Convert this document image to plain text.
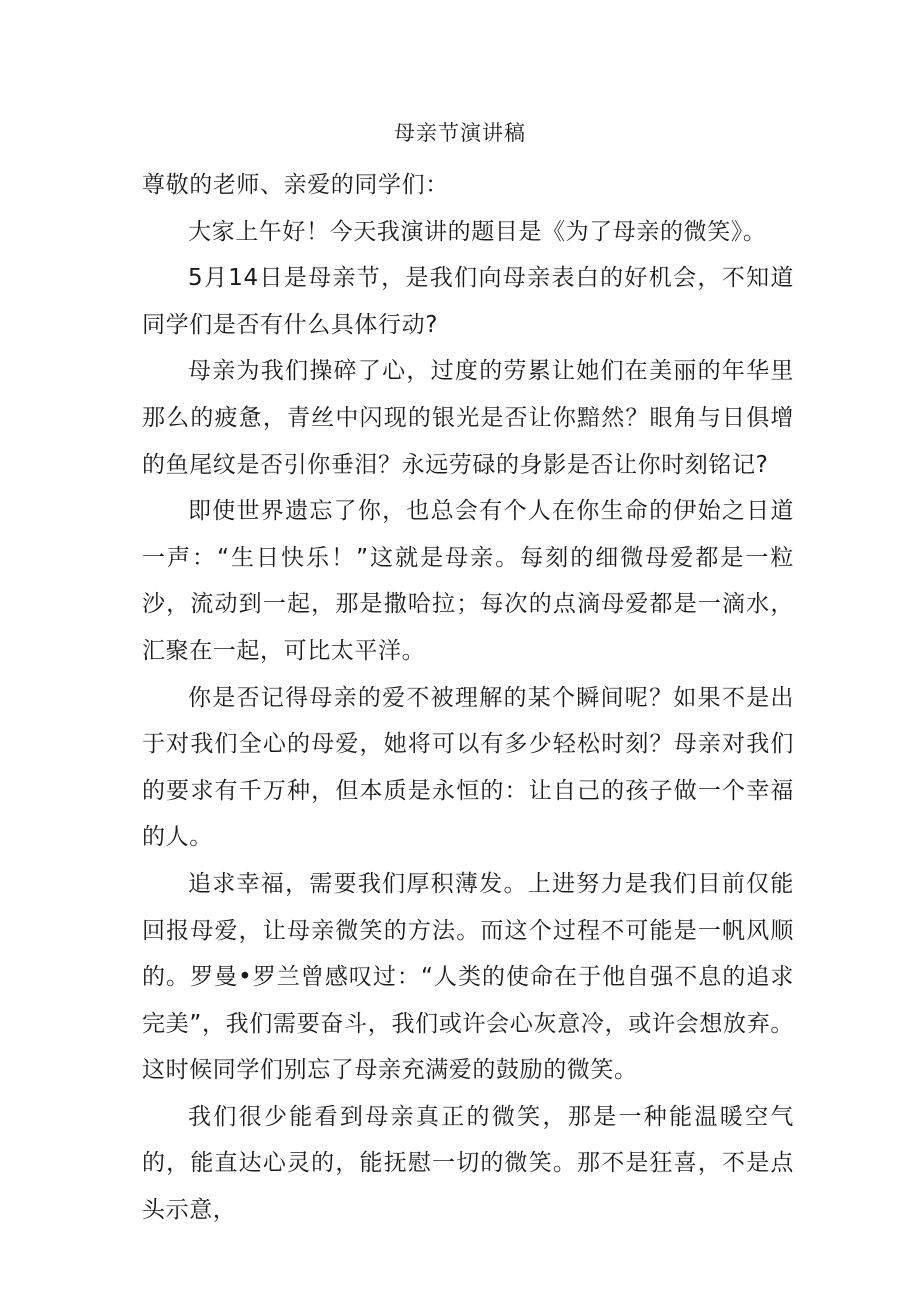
母亲节演讲稿

尊敬的老师、亲爱的同学们：

大家上午好！今天我演讲的题目是《为了母亲的微笑》。

5月14日是母亲节，是我们向母亲表白的好机会，不知道同学们是否有什么具体行动?

母亲为我们操碎了心，过度的劳累让她们在美丽的年华里那么的疲惫，青丝中闪现的银光是否让你黯然？眼角与日俱增的鱼尾纹是否引你垂泪？永远劳碌的身影是否让你时刻铭记?

即使世界遗忘了你，也总会有个人在你生命的伊始之日道一声：“生日快乐！”这就是母亲。每刻的细微母爱都是一粒沙，流动到一起，那是撒哈拉；每次的点滴母爱都是一滴水，汇聚在一起，可比太平洋。

你是否记得母亲的爱不被理解的某个瞬间呢？如果不是出于对我们全心的母爱，她将可以有多少轻松时刻？母亲对我们的要求有千万种，但本质是永恒的：让自己的孩子做一个幸福的人。

追求幸福，需要我们厚积薄发。上进努力是我们目前仅能回报母爱，让母亲微笑的方法。而这个过程不可能是一帆风顺的。罗曼•罗兰曾感叹过：“人类的使命在于他自强不息的追求完美”，我们需要奋斗，我们或许会心灰意冷，或许会想放弃。这时候同学们别忘了母亲充满爱的鼓励的微笑。

我们很少能看到母亲真正的微笑，那是一种能温暖空气的，能直达心灵的，能抚慰一切的微笑。那不是狂喜，不是点头示意，
